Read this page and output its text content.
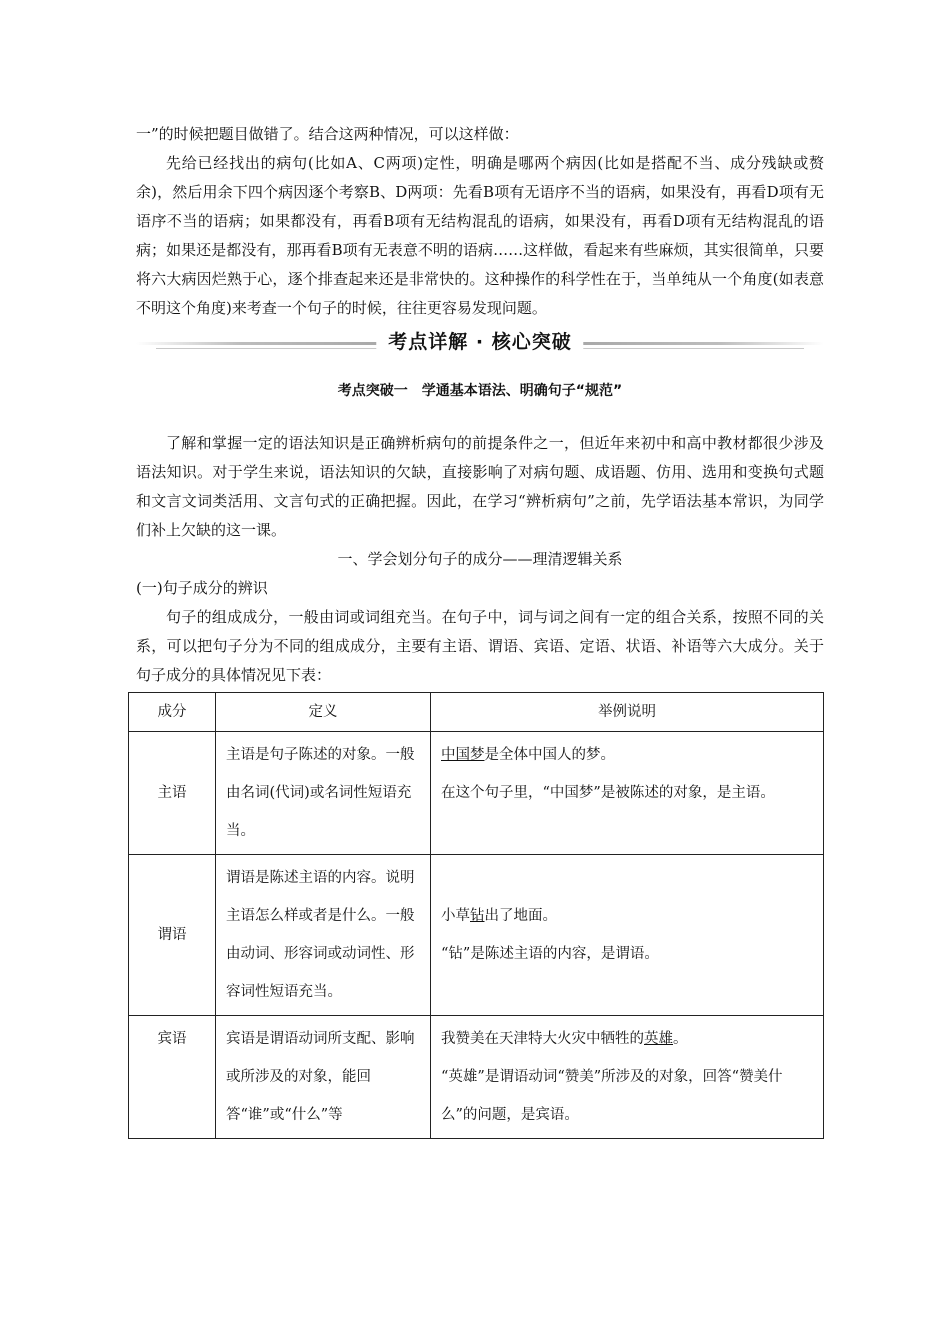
一”的时候把题目做错了。结合这两种情况，可以这样做：

先给已经找出的病句(比如A、C两项)定性，明确是哪两个病因(比如是搭配不当、成分残缺或赘余)，然后用余下四个病因逐个考察B、D两项：先看B项有无语序不当的语病，如果没有，再看D项有无语序不当的语病；如果都没有，再看B项有无结构混乱的语病，如果没有，再看D项有无结构混乱的语病；如果还是都没有，那再看B项有无表意不明的语病……这样做，看起来有些麻烦，其实很简单，只要将六大病因烂熟于心，逐个排查起来还是非常快的。这种操作的科学性在于，当单纯从一个角度(如表意不明这个角度)来考查一个句子的时候，往往更容易发现问题。

考点详解 · 核心突破
考点突破一　学通基本语法、明确句子“规范”

了解和掌握一定的语法知识是正确辨析病句的前提条件之一，但近年来初中和高中教材都很少涉及语法知识。对于学生来说，语法知识的欠缺，直接影响了对病句题、成语题、仿用、选用和变换句式题和文言文词类活用、文言句式的正确把握。因此，在学习“辨析病句”之前，先学语法基本常识，为同学们补上欠缺的这一课。

一、学会划分句子的成分——理清逻辑关系

(一)句子成分的辨识

句子的组成成分，一般由词或词组充当。在句子中，词与词之间有一定的组合关系，按照不同的关系，可以把句子分为不同的组成成分，主要有主语、谓语、宾语、定语、状语、补语等六大成分。关于句子成分的具体情况见下表：

成分	定义	举例说明
主语	主语是句子陈述的对象。一般由名词(代词)或名词性短语充当。	中国梦是全体中国人的梦。
在这个句子里，“中国梦”是被陈述的对象，是主语。

谓语	谓语是陈述主语的内容。说明主语怎么样或者是什么。一般由动词、形容词或动词性、形容词性短语充当。	小草钻出了地面。
“钻”是陈述主语的内容，是谓语。

宾语	宾语是谓语动词所支配、影响或所涉及的对象，能回答“谁”或“什么”等	我赞美在天津特大火灾中牺牲的英雄。
“英雄”是谓语动词“赞美”所涉及的对象，回答“赞美什么”的问题，是宾语。
